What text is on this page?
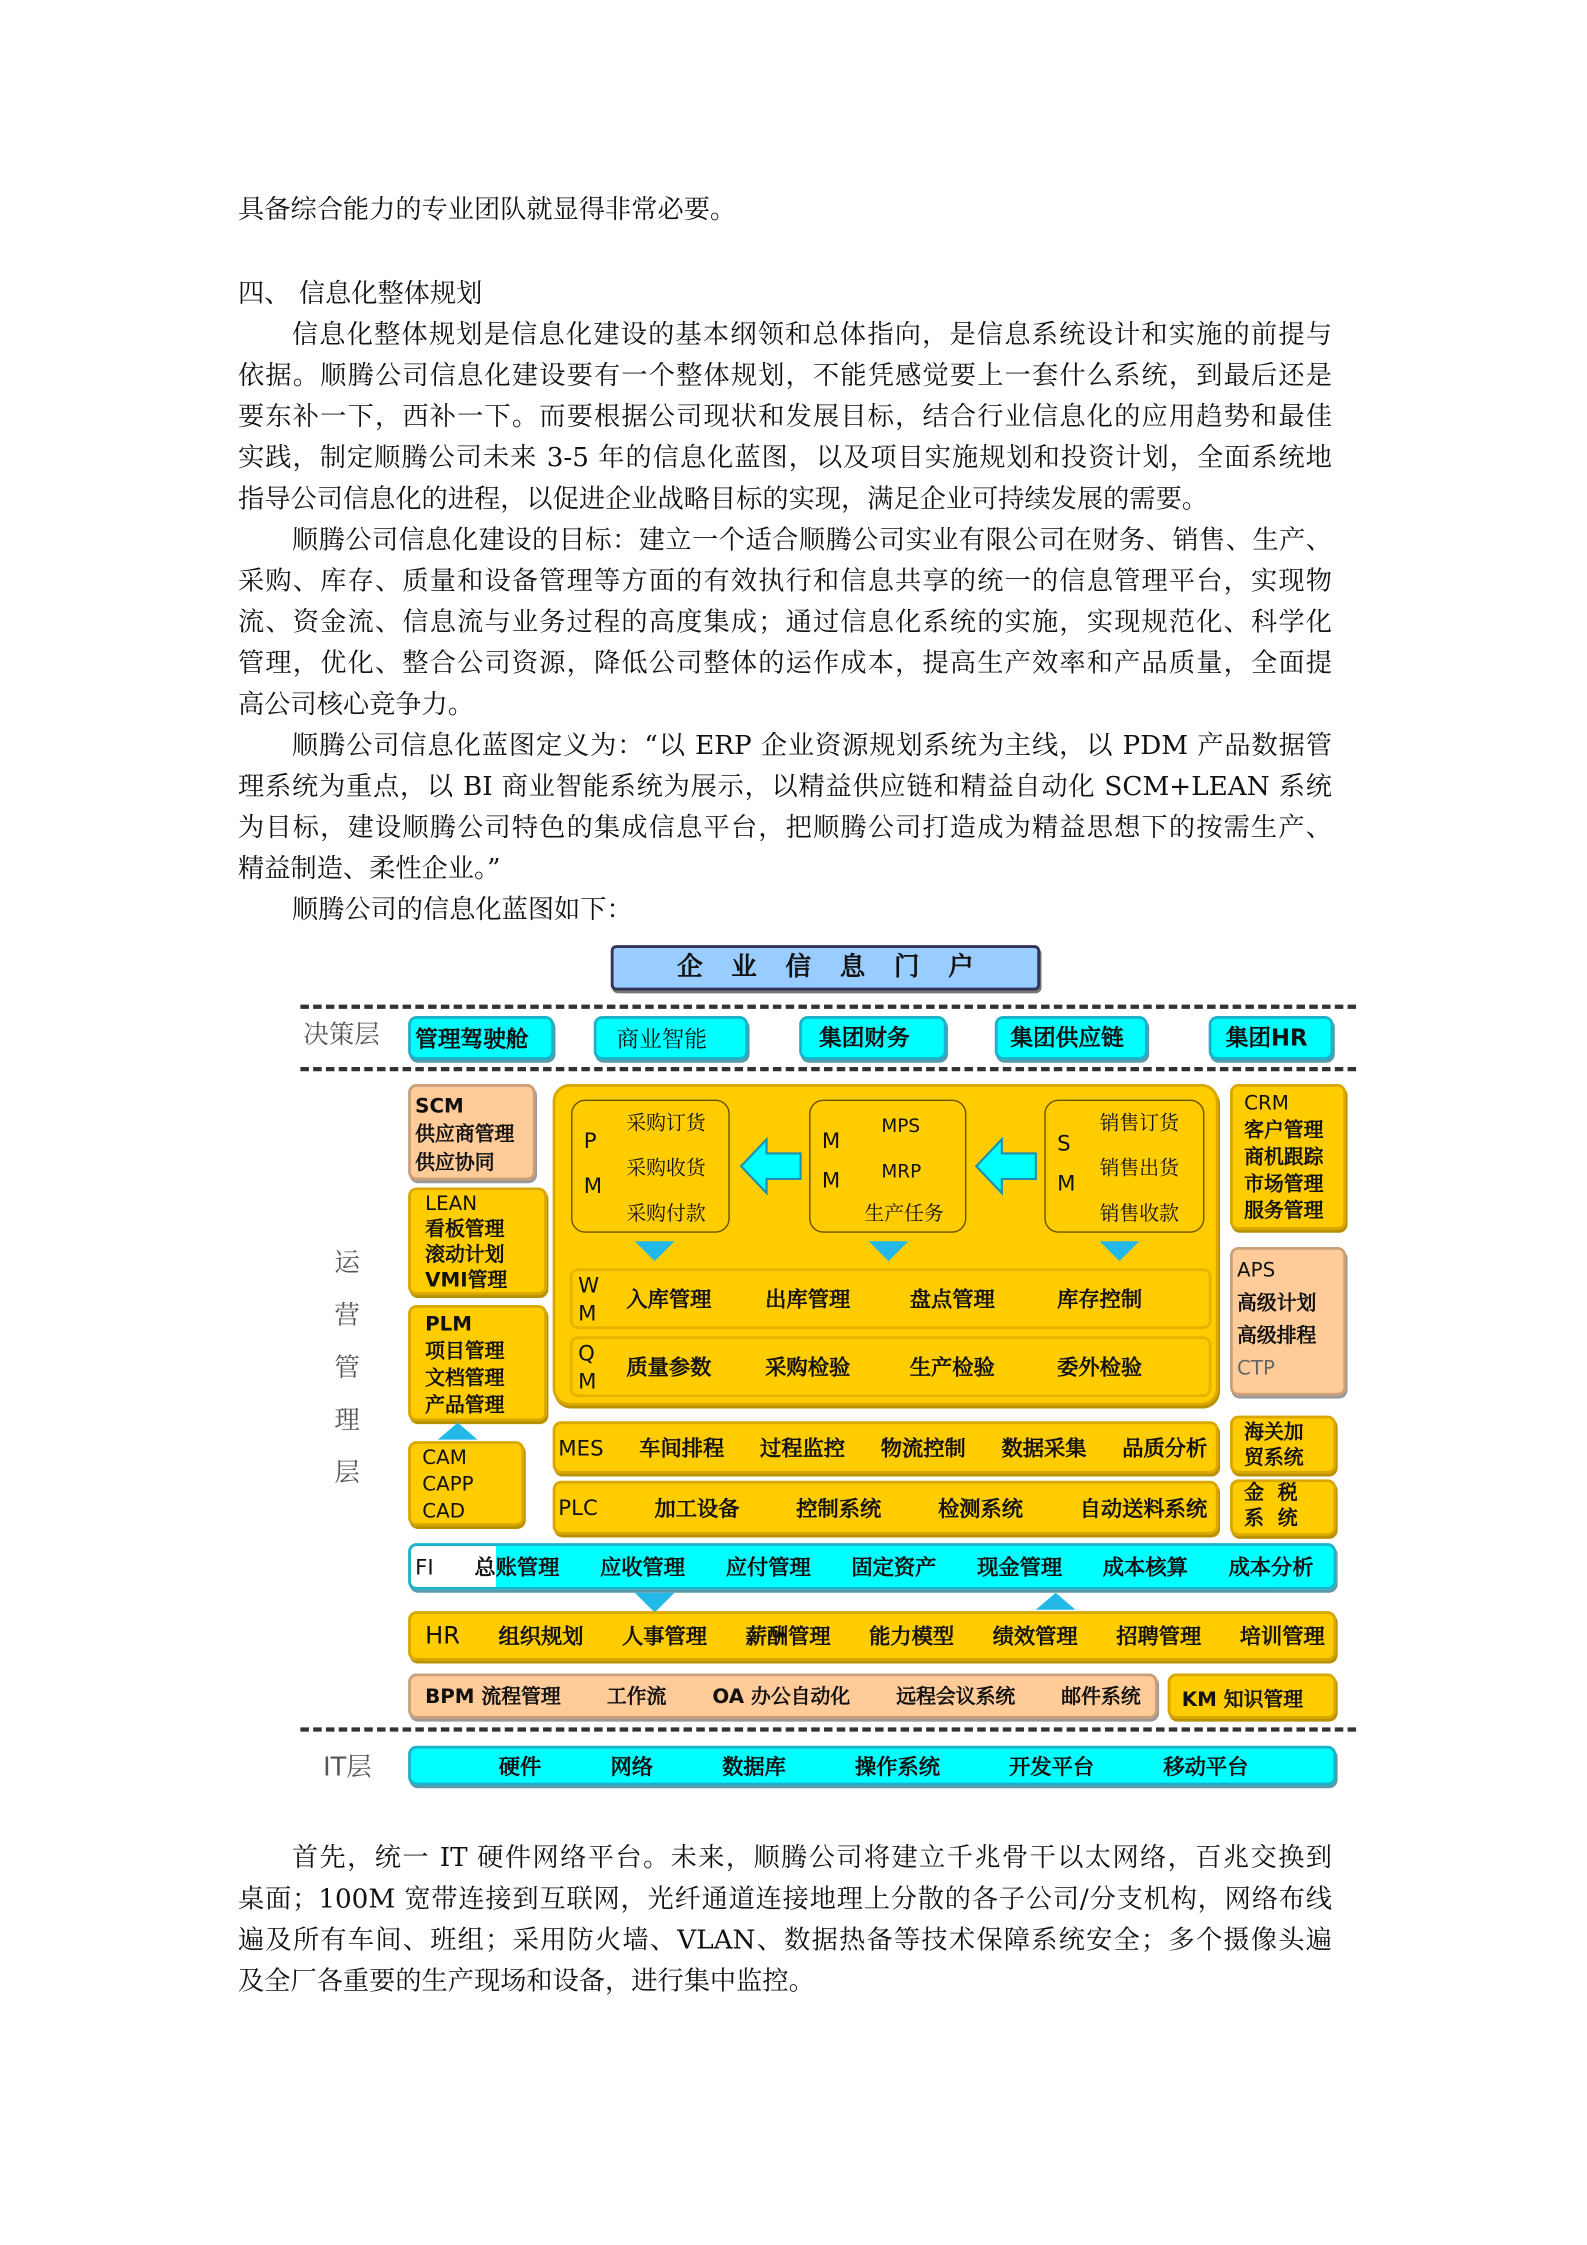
具备综合能力的专业团队就显得非常必要。
四、 信息化整体规划
信息化整体规划是信息化建设的基本纲领和总体指向，是信息系统设计和实施的前提与
依据。顺腾公司信息化建设要有一个整体规划，不能凭感觉要上一套什么系统，到最后还是
要东补一下，西补一下。而要根据公司现状和发展目标，结合行业信息化的应用趋势和最佳
实践，制定顺腾公司未来 3-5 年的信息化蓝图，以及项目实施规划和投资计划，全面系统地
指导公司信息化的进程，以促进企业战略目标的实现，满足企业可持续发展的需要。
顺腾公司信息化建设的目标：建立一个适合顺腾公司实业有限公司在财务、销售、生产、
采购、库存、质量和设备管理等方面的有效执行和信息共享的统一的信息管理平台，实现物
流、资金流、信息流与业务过程的高度集成；通过信息化系统的实施，实现规范化、科学化
管理，优化、整合公司资源，降低公司整体的运作成本，提高生产效率和产品质量，全面提
高公司核心竞争力。
顺腾公司信息化蓝图定义为：“以 ERP 企业资源规划系统为主线，以 PDM 产品数据管
理系统为重点，以 BI 商业智能系统为展示，以精益供应链和精益自动化 SCM+LEAN 系统
为目标，建设顺腾公司特色的集成信息平台，把顺腾公司打造成为精益思想下的按需生产、
精益制造、柔性企业。”
顺腾公司的信息化蓝图如下：
企 业 信 息 门 户
决策层 管理驾驶舱	商业智能	集团财务	集团供应链	集团HR
运
营
管
理
层
SCM
供应商管理
供应协同
LEAN
看板管理
滚动计划
VMI管理
PLM
项目管理
文档管理
产品管理
CAM
CAPP
CAD
P
M
采购订货
采购收货
采购付款
M
M
MPS
MRP
生产任务
S
M
销售订货
销售出货
销售收款
W
M
入库管理	出库管理	盘点管理	库存控制
Q
M
质量参数	采购检验	生产检验	委外检验
CRM
客户管理
商机跟踪
市场管理
服务管理
APS
高级计划
高级排程
CTP
MES 车间排程 过程监控 物流控制 数据采集 品质分析
PLC	加工设备	控制系统	检测系统	自动送料系统
海关加
贸系统
金  税
系  统
FI	总账管理	应收管理	应付管理	固定资产	现金管理	成本核算	成本分析
HR	组织规划	人事管理	薪酬管理	能力模型	绩效管理	招聘管理	培训管理
BPM 流程管理	工作流	OA 办公自动化	远程会议系统	邮件系统	KM 知识管理
IT层	硬件	网络	数据库	操作系统	开发平台	移动平台
首先，统一 IT 硬件网络平台。未来，顺腾公司将建立千兆骨干以太网络，百兆交换到
桌面；100M 宽带连接到互联网，光纤通道连接地理上分散的各子公司/分支机构，网络布线
遍及所有车间、班组；采用防火墙、VLAN、数据热备等技术保障系统安全；多个摄像头遍
及全厂各重要的生产现场和设备，进行集中监控。
